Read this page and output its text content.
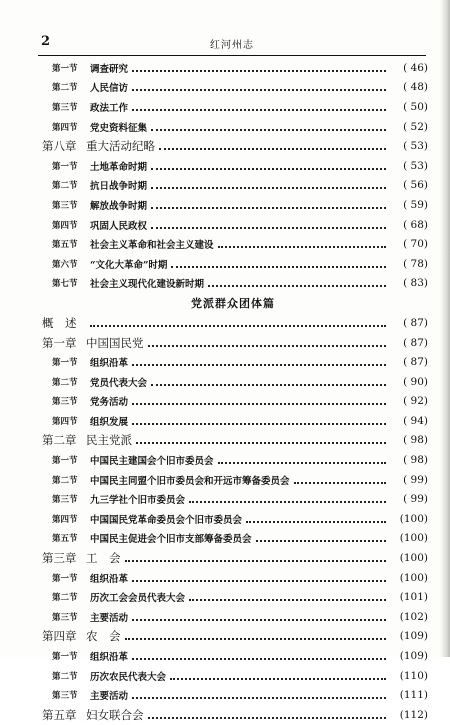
2	红河州志
第一节 调查研究	( 46)
第二节 人民信访	( 48)
第三节 政法工作	( 50)
第四节 党史资料征集	( 52)
第八章 重大活动纪略	( 53)
第一节 土地革命时期	( 53)
第二节 抗日战争时期	( 56)
第三节 解放战争时期	( 59)
第四节 巩固人民政权	( 68)
第五节 社会主义革命和社会主义建设	( 70)
第六节 “文化大革命”时期	( 78)
第七节 社会主义现代化建设新时期	( 83)
党派群众团体篇
概　述	( 87)
第一章 中国国民党	( 87)
第一节 组织沿革	( 87)
第二节 党员代表大会	( 90)
第三节 党务活动	( 92)
第四节 组织发展	( 94)
第二章 民主党派	( 98)
第一节 中国民主建国会个旧市委员会	( 98)
第二节 中国民主同盟个旧市委员会和开远市筹备委员会	( 99)
第三节 九三学社个旧市委员会	( 99)
第四节 中国国民党革命委员会个旧市委员会	(100)
第五节 中国民主促进会个旧市支部筹备委员会	(100)
第三章 工　会	(100)
第一节 组织沿革	(100)
第二节 历次工会会员代表大会	(101)
第三节 主要活动	(102)
第四章 农　会	(109)
第一节 组织沿革	(109)
第二节 历次农民代表大会	(110)
第三节 主要活动	(111)
第五章 妇女联合会	(112)
